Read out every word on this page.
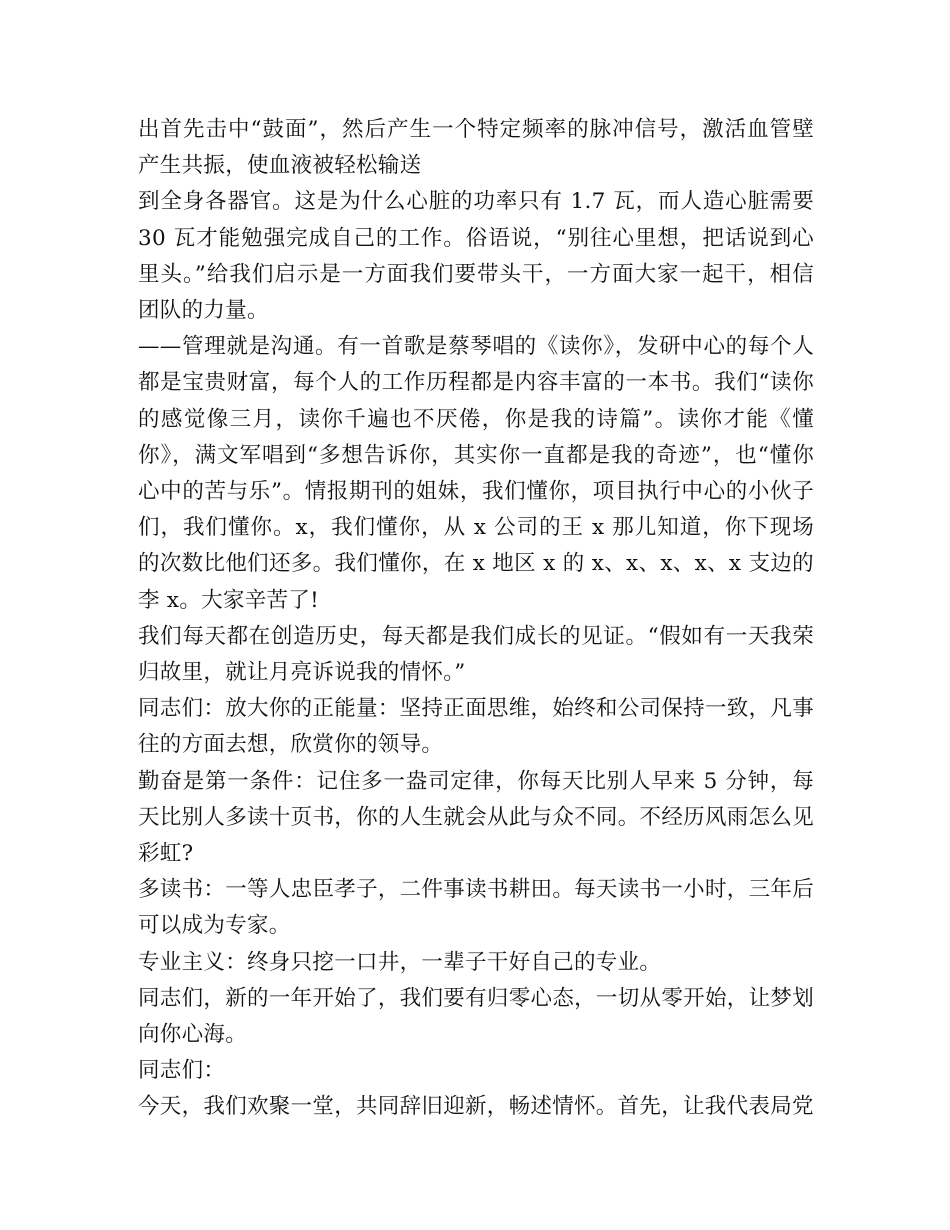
出首先击中“鼓面”，然后产生一个特定频率的脉冲信号，激活血管壁产生共振，使血液被轻松输送

到全身各器官。这是为什么心脏的功率只有 1.7 瓦，而人造心脏需要 30 瓦才能勉强完成自己的工作。俗语说，“别往心里想，把话说到心里头。”给我们启示是一方面我们要带头干，一方面大家一起干，相信团队的力量。

——管理就是沟通。有一首歌是蔡琴唱的《读你》，发研中心的每个人都是宝贵财富，每个人的工作历程都是内容丰富的一本书。我们“读你的感觉像三月，读你千遍也不厌倦，你是我的诗篇”。读你才能《懂你》，满文军唱到“多想告诉你，其实你一直都是我的奇迹”，也“懂你心中的苦与乐”。情报期刊的姐妹，我们懂你，项目执行中心的小伙子们，我们懂你。x，我们懂你，从 x 公司的王 x 那儿知道，你下现场的次数比他们还多。我们懂你，在 x 地区 x 的 x、x、x、x、x 支边的李 x。大家辛苦了!

我们每天都在创造历史，每天都是我们成长的见证。“假如有一天我荣归故里，就让月亮诉说我的情怀。”

同志们：放大你的正能量：坚持正面思维，始终和公司保持一致，凡事往的方面去想，欣赏你的领导。

勤奋是第一条件：记住多一盎司定律，你每天比别人早来 5 分钟，每天比别人多读十页书，你的人生就会从此与众不同。不经历风雨怎么见彩虹?

多读书：一等人忠臣孝子，二件事读书耕田。每天读书一小时，三年后可以成为专家。

专业主义：终身只挖一口井，一辈子干好自己的专业。

同志们，新的一年开始了，我们要有归零心态，一切从零开始，让梦划向你心海。

同志们：

今天，我们欢聚一堂，共同辞旧迎新，畅述情怀。首先，让我代表局党
